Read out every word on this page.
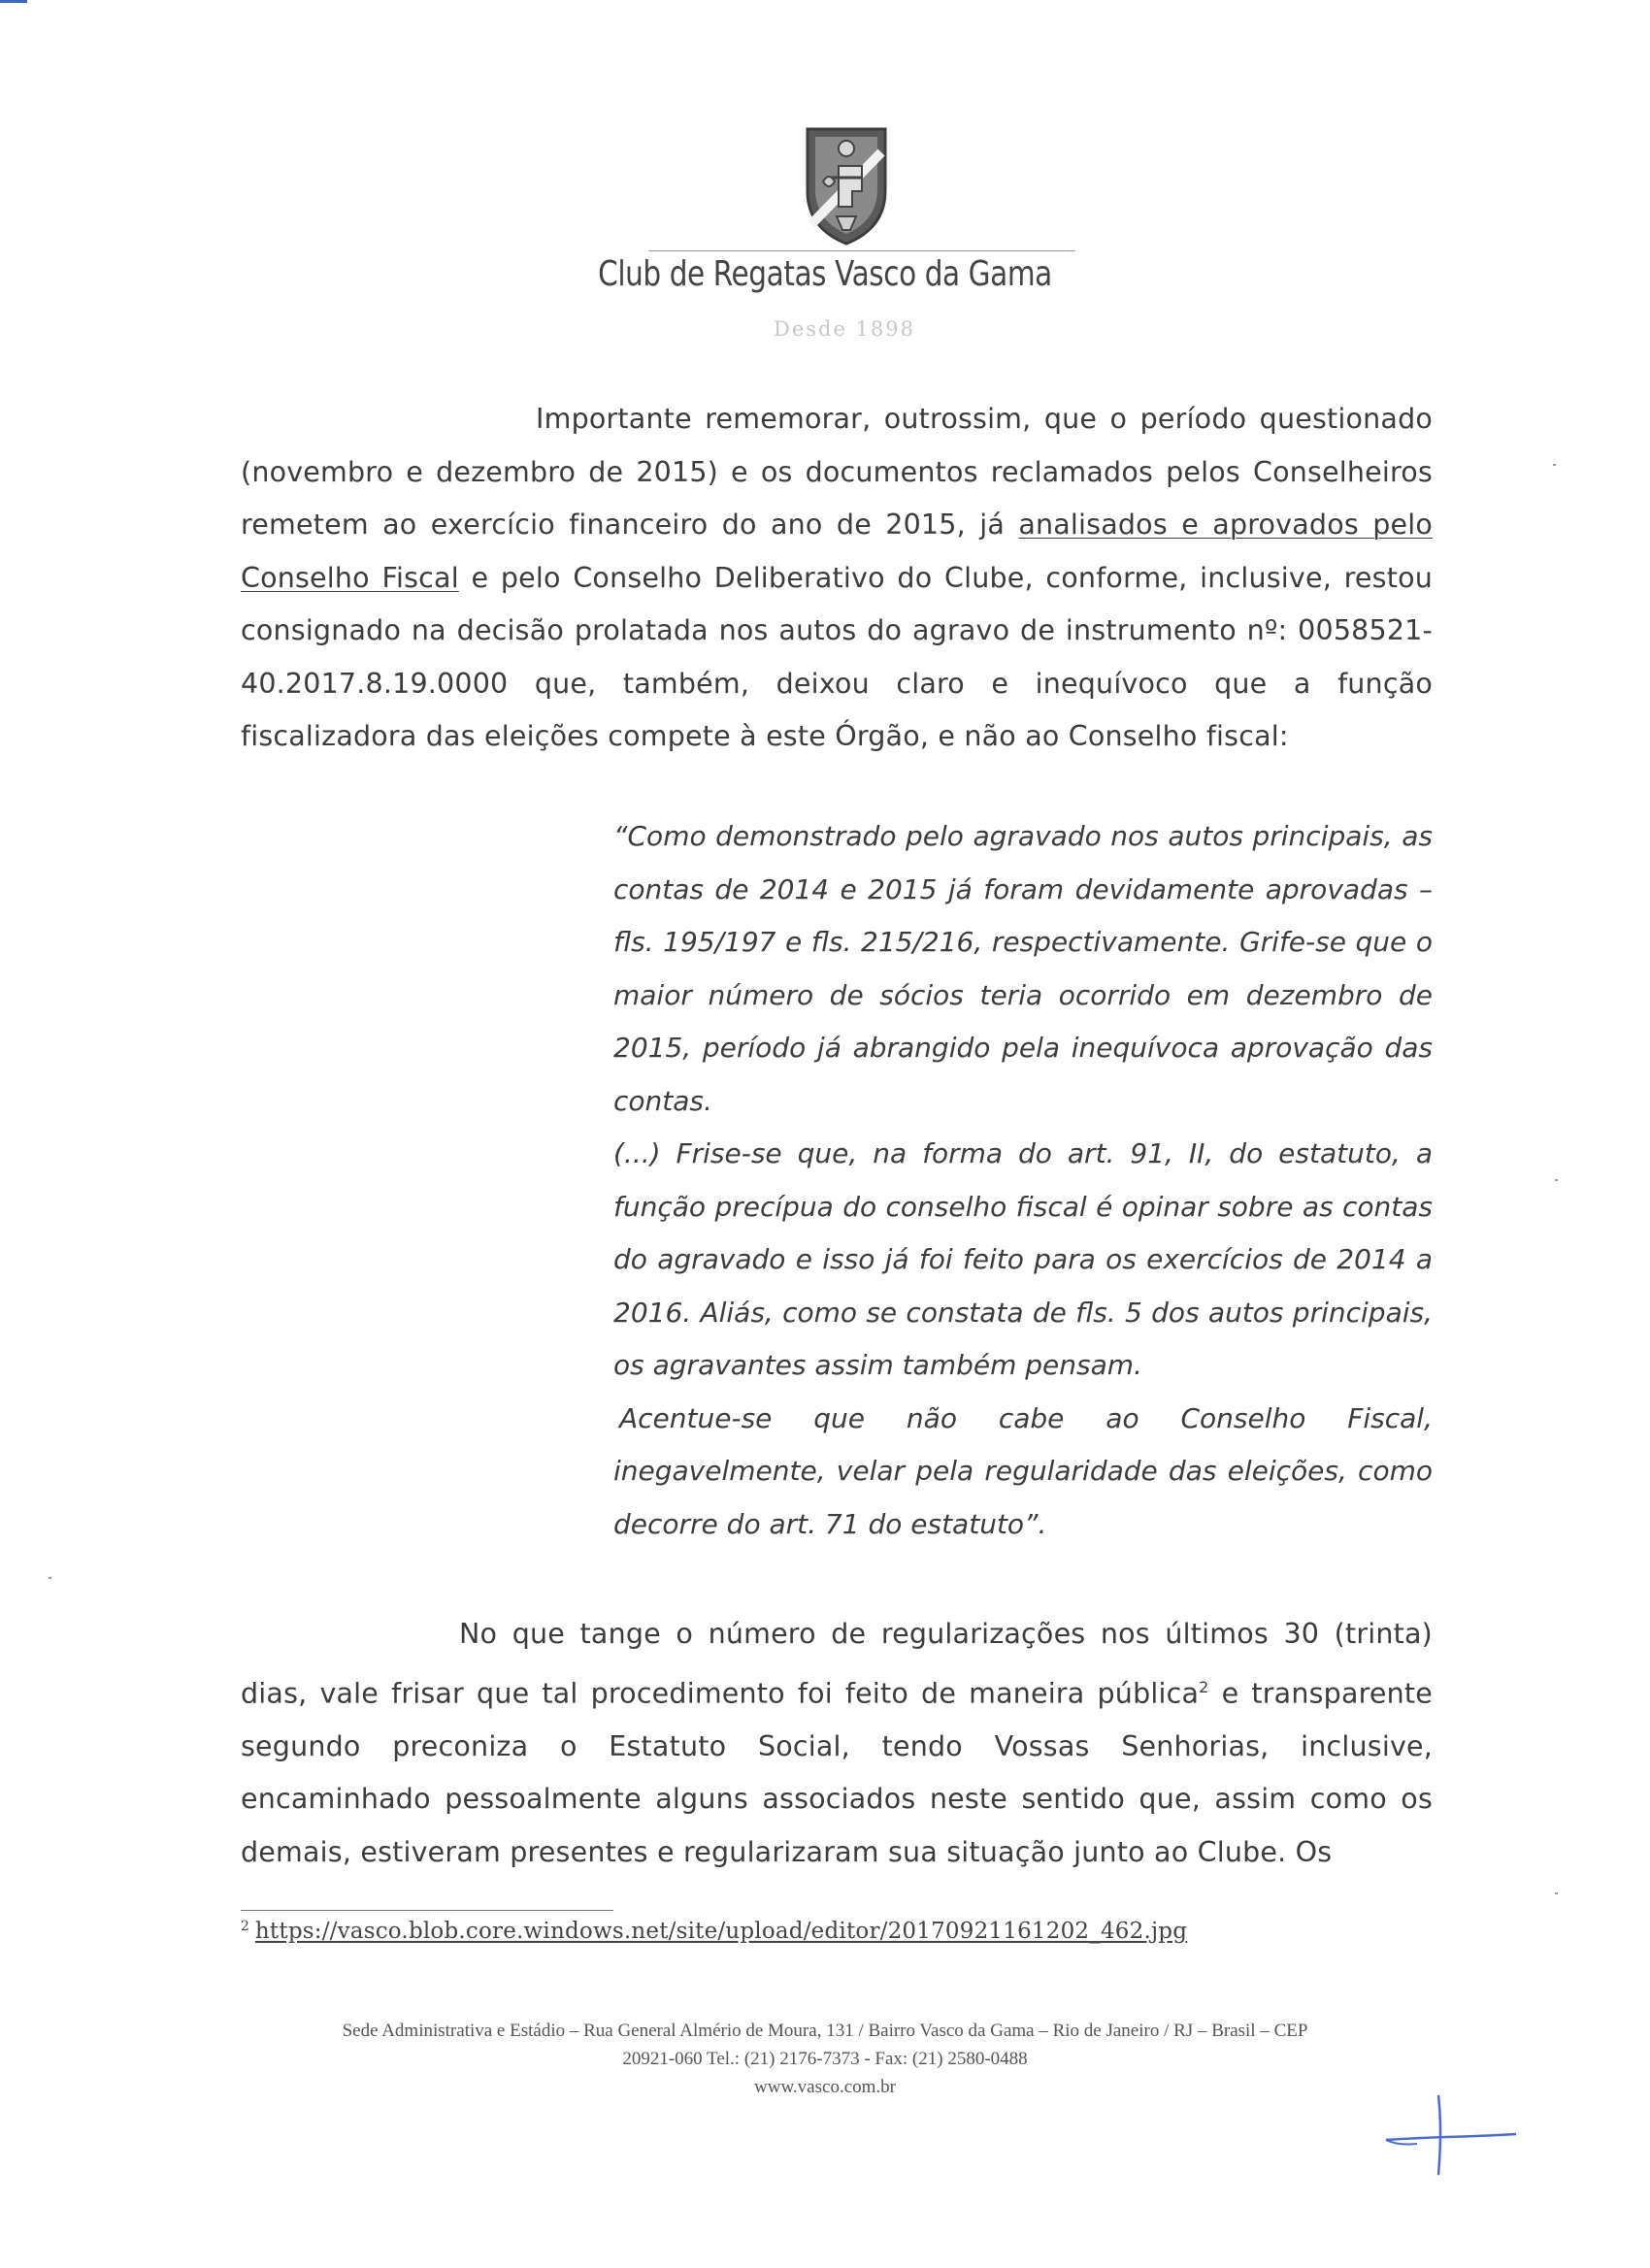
Club de Regatas Vasco da Gama
Desde 1898

Importante rememorar, outrossim, que o período questionado (novembro e dezembro de 2015) e os documentos reclamados pelos Conselheiros remetem ao exercício financeiro do ano de 2015, já analisados e aprovados pelo Conselho Fiscal e pelo Conselho Deliberativo do Clube, conforme, inclusive, restou consignado na decisão prolatada nos autos do agravo de instrumento nº: 0058521-40.2017.8.19.0000 que, também, deixou claro e inequívoco que a função fiscalizadora das eleições compete à este Órgão, e não ao Conselho fiscal:

“Como demonstrado pelo agravado nos autos principais, as contas de 2014 e 2015 já foram devidamente aprovadas – fls. 195/197 e fls. 215/216, respectivamente. Grife-se que o maior número de sócios teria ocorrido em dezembro de 2015, período já abrangido pela inequívoca aprovação das contas.

(...) Frise-se que, na forma do art. 91, II, do estatuto, a função precípua do conselho fiscal é opinar sobre as contas do agravado e isso já foi feito para os exercícios de 2014 a 2016. Aliás, como se constata de fls. 5 dos autos principais, os agravantes assim também pensam.

Acentue-se que não cabe ao Conselho Fiscal, inegavelmente, velar pela regularidade das eleições, como decorre do art. 71 do estatuto”.

No que tange o número de regularizações nos últimos 30 (trinta) dias, vale frisar que tal procedimento foi feito de maneira pública$^2$ e transparente segundo preconiza o Estatuto Social, tendo Vossas Senhorias, inclusive, encaminhado pessoalmente alguns associados neste sentido que, assim como os demais, estiveram presentes e regularizaram sua situação junto ao Clube. Os

$^2$ https://vasco.blob.core.windows.net/site/upload/editor/20170921161202_462.jpg
Sede Administrativa e Estádio – Rua General Almério de Moura, 131 / Bairro Vasco da Gama – Rio de Janeiro / RJ – Brasil – CEP
20921-060 Tel.: (21) 2176-7373 - Fax: (21) 2580-0488
www.vasco.com.br
